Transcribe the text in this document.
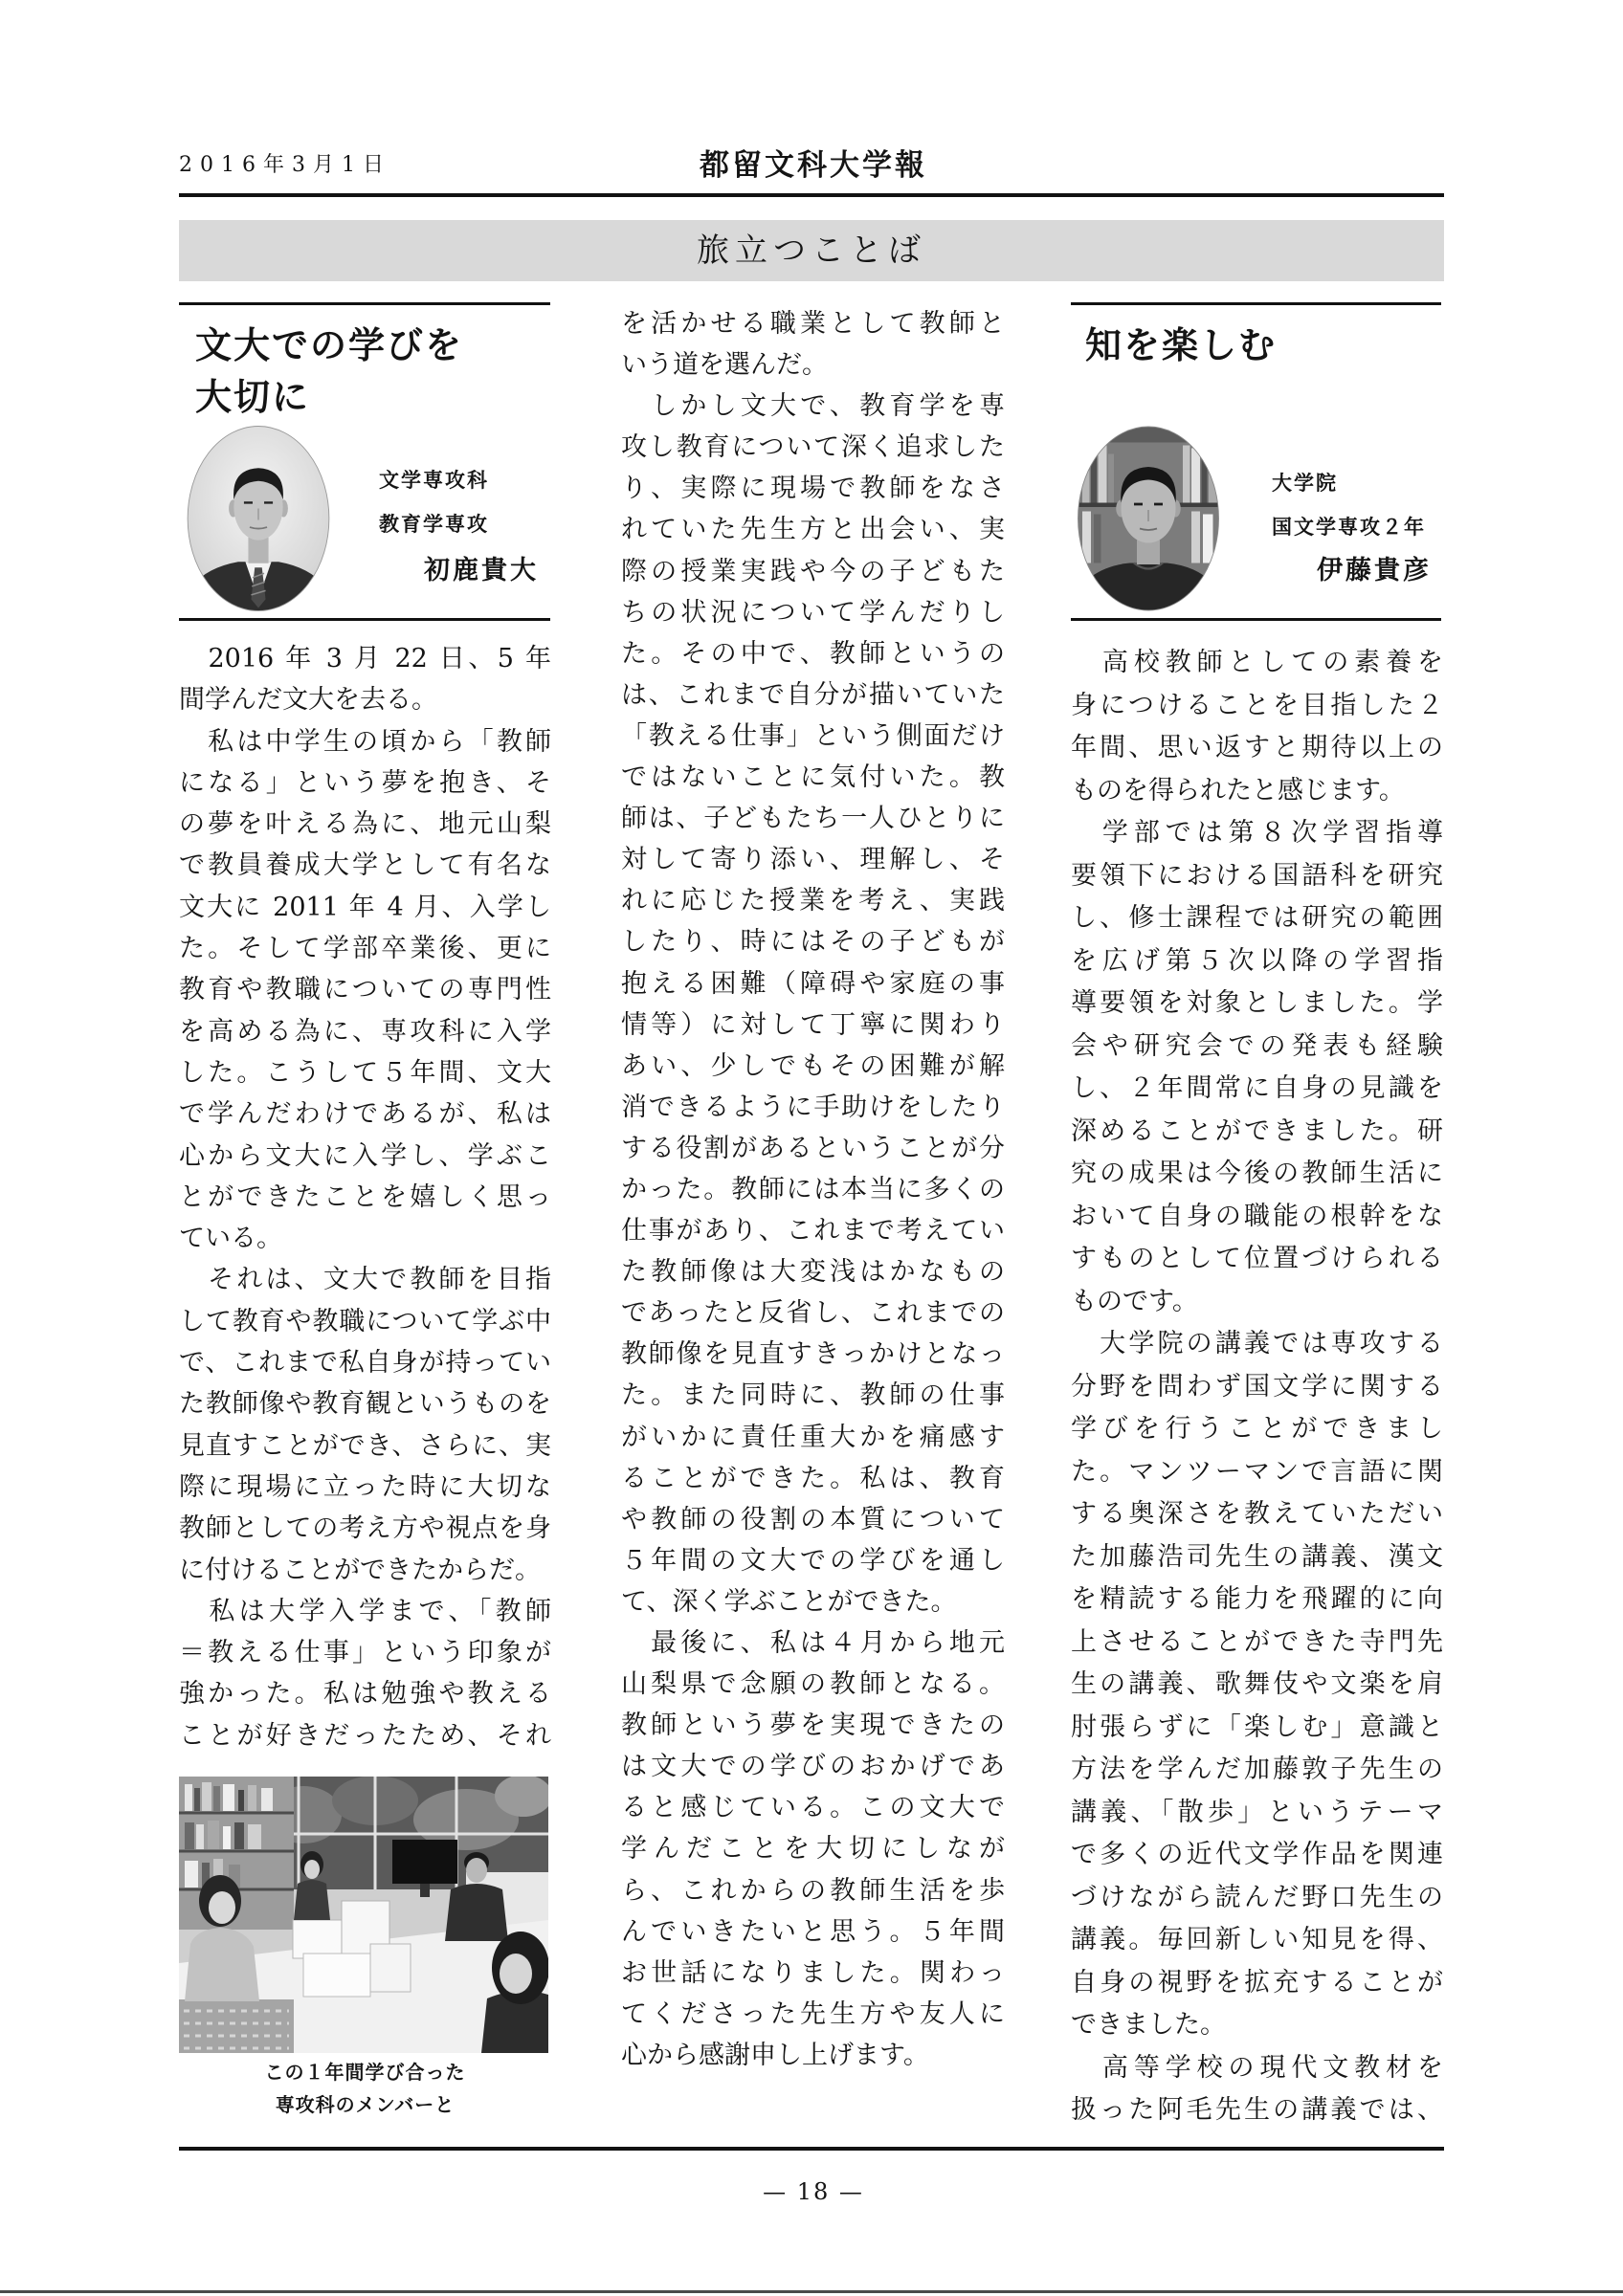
2016年3月1日	都留文科大学報
旅立つことば
文大での学びを
大切に
文学専攻科
教育学専攻
初鹿貴大
　2016 年 3 月 22 日、5 年
間学んだ文大を去る。
　私は中学生の頃から「教師
になる」という夢を抱き、そ
の夢を叶える為に、地元山梨
で教員養成大学として有名な
文大に 2011 年 4 月、入学し
た。そして学部卒業後、更に
教育や教職についての専門性
を高める為に、専攻科に入学
した。こうして５年間、文大
で学んだわけであるが、私は
心から文大に入学し、学ぶこ
とができたことを嬉しく思っ
ている。
　それは、文大で教師を目指
して教育や教職について学ぶ中
で、これまで私自身が持ってい
た教師像や教育観というものを
見直すことができ、さらに、実
際に現場に立った時に大切な
教師としての考え方や視点を身
に付けることができたからだ。
　私は大学入学まで、「教師
＝教える仕事」という印象が
強かった。私は勉強や教える
ことが好きだったため、それ
この１年間学び合った
専攻科のメンバーと
を活かせる職業として教師と
いう道を選んだ。
　しかし文大で、教育学を専
攻し教育について深く追求した
り、実際に現場で教師をなさ
れていた先生方と出会い、実
際の授業実践や今の子どもた
ちの状況について学んだりし
た。その中で、教師というの
は、これまで自分が描いていた
「教える仕事」という側面だけ
ではないことに気付いた。教
師は、子どもたち一人ひとりに
対して寄り添い、理解し、そ
れに応じた授業を考え、実践
したり、時にはその子どもが
抱える困難（障碍や家庭の事
情等）に対して丁寧に関わり
あい、少しでもその困難が解
消できるように手助けをしたり
する役割があるということが分
かった。教師には本当に多くの
仕事があり、これまで考えてい
た教師像は大変浅はかなもの
であったと反省し、これまでの
教師像を見直すきっかけとなっ
た。また同時に、教師の仕事
がいかに責任重大かを痛感す
ることができた。私は、教育
や教師の役割の本質について
５年間の文大での学びを通し
て、深く学ぶことができた。
　最後に、私は４月から地元
山梨県で念願の教師となる。
教師という夢を実現できたの
は文大での学びのおかげであ
ると感じている。この文大で
学んだことを大切にしなが
ら、これからの教師生活を歩
んでいきたいと思う。５年間
お世話になりました。関わっ
てくださった先生方や友人に
心から感謝申し上げます。
知を楽しむ
大学院
国文学専攻２年
伊藤貴彦
　高校教師としての素養を
身につけることを目指した２
年間、思い返すと期待以上の
ものを得られたと感じます。
　学部では第８次学習指導
要領下における国語科を研究
し、修士課程では研究の範囲
を広げ第５次以降の学習指
導要領を対象としました。学
会や研究会での発表も経験
し、２年間常に自身の見識を
深めることができました。研
究の成果は今後の教師生活に
おいて自身の職能の根幹をな
すものとして位置づけられる
ものです。
　大学院の講義では専攻する
分野を問わず国文学に関する
学びを行うことができまし
た。マンツーマンで言語に関
する奥深さを教えていただい
た加藤浩司先生の講義、漢文
を精読する能力を飛躍的に向
上させることができた寺門先
生の講義、歌舞伎や文楽を肩
肘張らずに「楽しむ」意識と
方法を学んだ加藤敦子先生の
講義、「散歩」というテーマ
で多くの近代文学作品を関連
づけながら読んだ野口先生の
講義。毎回新しい知見を得、
自身の視野を拡充することが
できました。
　高等学校の現代文教材を
扱った阿毛先生の講義では、
— 18 —
